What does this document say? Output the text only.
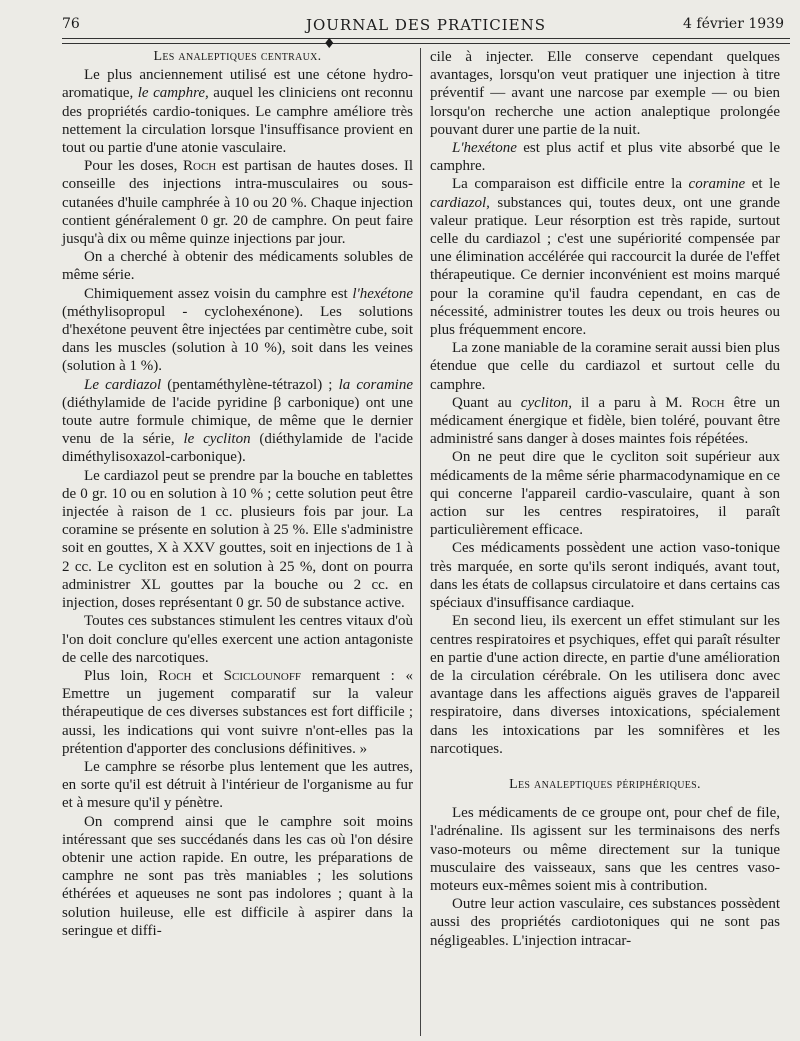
76	JOURNAL DES PRATICIENS	4 février 1939
♦

Les analeptiques centraux.

Le plus anciennement utilisé est une cétone hydro-aromatique, le camphre, auquel les cliniciens ont reconnu des propriétés cardio-toniques. Le camphre améliore très nettement la circulation lorsque l'insuffisance provient en tout ou partie d'une atonie vasculaire.

Pour les doses, Roch est partisan de hautes doses. Il conseille des injections intra-musculaires ou sous-cutanées d'huile camphrée à 10 ou 20 %. Chaque injection contient généralement 0 gr. 20 de camphre. On peut faire jusqu'à dix ou même quinze injections par jour.

On a cherché à obtenir des médicaments solubles de même série.

Chimiquement assez voisin du camphre est l'hexétone (méthylisopropul - cyclohexénone). Les solutions d'hexétone peuvent être injectées par centimètre cube, soit dans les muscles (solution à 10 %), soit dans les veines (solution à 1 %).

Le cardiazol (pentaméthylène-tétrazol) ; la coramine (diéthylamide de l'acide pyridine β carbonique) ont une toute autre formule chimique, de même que le dernier venu de la série, le cycliton (diéthylamide de l'acide diméthylisoxazol-carbonique).

Le cardiazol peut se prendre par la bouche en tablettes de 0 gr. 10 ou en solution à 10 % ; cette solution peut être injectée à raison de 1 cc. plusieurs fois par jour. La coramine se présente en solution à 25 %. Elle s'administre soit en gouttes, X à XXV gouttes, soit en injections de 1 à 2 cc. Le cycliton est en solution à 25 %, dont on pourra administrer XL gouttes par la bouche ou 2 cc. en injection, doses représentant 0 gr. 50 de substance active.

Toutes ces substances stimulent les centres vitaux d'où l'on doit conclure qu'elles exercent une action antagoniste de celle des narcotiques.

Plus loin, Roch et Sciclounoff remarquent : « Emettre un jugement comparatif sur la valeur thérapeutique de ces diverses substances est fort difficile ; aussi, les indications qui vont suivre n'ont-elles pas la prétention d'apporter des conclusions définitives. »

Le camphre se résorbe plus lentement que les autres, en sorte qu'il est détruit à l'intérieur de l'organisme au fur et à mesure qu'il y pénètre.

On comprend ainsi que le camphre soit moins intéressant que ses succédanés dans les cas où l'on désire obtenir une action rapide. En outre, les préparations de camphre ne sont pas très maniables ; les solutions éthérées et aqueuses ne sont pas indolores ; quant à la solution huileuse, elle est difficile à aspirer dans la seringue et diffi-

cile à injecter. Elle conserve cependant quelques avantages, lorsqu'on veut pratiquer une injection à titre préventif — avant une narcose par exemple — ou bien lorsqu'on recherche une action analeptique prolongée pouvant durer une partie de la nuit.

L'hexétone est plus actif et plus vite absorbé que le camphre.

La comparaison est difficile entre la coramine et le cardiazol, substances qui, toutes deux, ont une grande valeur pratique. Leur résorption est très rapide, surtout celle du cardiazol ; c'est une supériorité compensée par une élimination accélérée qui raccourcit la durée de l'effet thérapeutique. Ce dernier inconvénient est moins marqué pour la coramine qu'il faudra cependant, en cas de nécessité, administrer toutes les deux ou trois heures ou plus fréquemment encore.

La zone maniable de la coramine serait aussi bien plus étendue que celle du cardiazol et surtout celle du camphre.

Quant au cycliton, il a paru à M. Roch être un médicament énergique et fidèle, bien toléré, pouvant être administré sans danger à doses maintes fois répétées.

On ne peut dire que le cycliton soit supérieur aux médicaments de la même série pharmacodynamique en ce qui concerne l'appareil cardio-vasculaire, quant à son action sur les centres respiratoires, il paraît particulièrement efficace.

Ces médicaments possèdent une action vaso-tonique très marquée, en sorte qu'ils seront indiqués, avant tout, dans les états de collapsus circulatoire et dans certains cas spéciaux d'insuffisance cardiaque.

En second lieu, ils exercent un effet stimulant sur les centres respiratoires et psychiques, effet qui paraît résulter en partie d'une action directe, en partie d'une amélioration de la circulation cérébrale. On les utilisera donc avec avantage dans les affections aiguës graves de l'appareil respiratoire, dans diverses intoxications, spécialement dans les intoxications par les somnifères et les narcotiques.

Les analeptiques périphériques.

Les médicaments de ce groupe ont, pour chef de file, l'adrénaline. Ils agissent sur les terminaisons des nerfs vaso-moteurs ou même directement sur la tunique musculaire des vaisseaux, sans que les centres vaso-moteurs eux-mêmes soient mis à contribution.

Outre leur action vasculaire, ces substances possèdent aussi des propriétés cardiotoniques qui ne sont pas négligeables. L'injection intracar-
